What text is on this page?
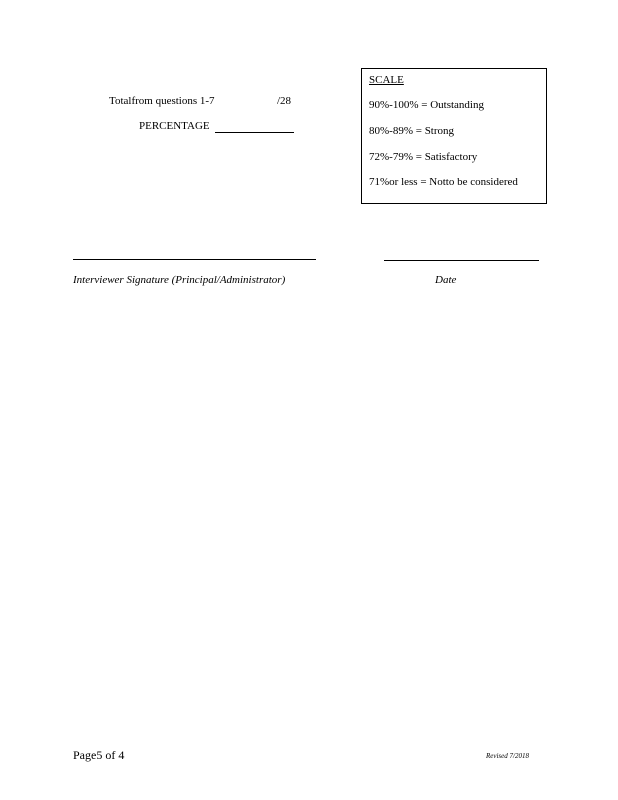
Totalfrom questions 1-7	/28
PERCENTAGE
SCALE
90%-100% = Outstanding
80%-89% = Strong
72%-79% = Satisfactory
71%or less = Notto be considered
Interviewer Signature (Principal/Administrator)	Date
Page5 of 4	Revised 7/2018
